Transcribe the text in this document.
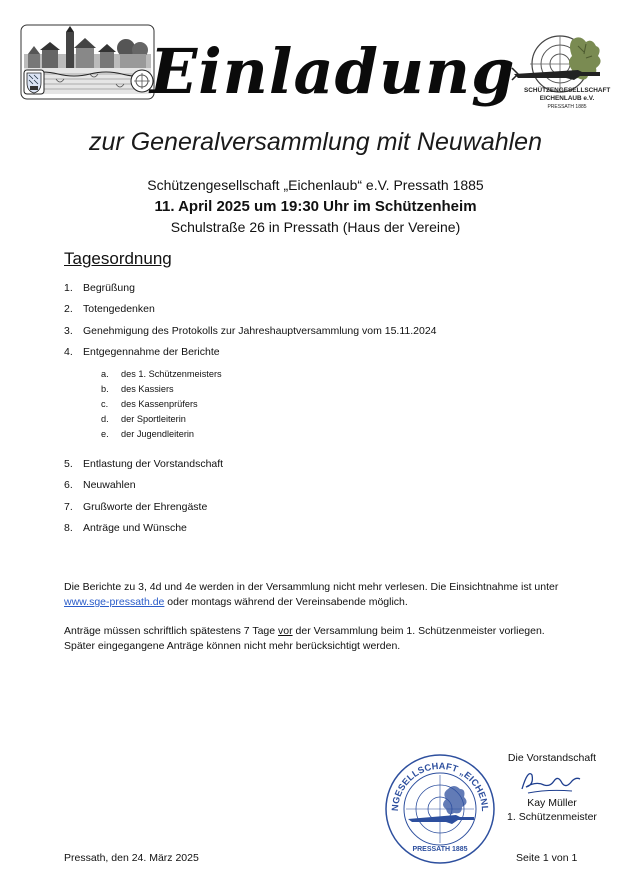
Einladung SCHÜTZENGESELLSCHAFT
EICHENLAUB e.V.
PRESSATH 1885
zur Generalversammlung mit Neuwahlen
Schützengesellschaft „Eichenlaub“ e.V. Pressath 1885
11. April 2025 um 19:30 Uhr im Schützenheim
Schulstraße 26 in Pressath (Haus der Vereine)
Tagesordnung
1. Begrüßung
2. Totengedenken
3. Genehmigung des Protokolls zur Jahreshauptversammlung vom 15.11.2024
4. Entgegennahme der Berichte
a. des 1. Schützenmeisters
b. des Kassiers
c. des Kassenprüfers
d. der Sportleiterin
e. der Jugendleiterin
5. Entlastung der Vorstandschaft
6. Neuwahlen
7. Grußworte der Ehrengäste
8. Anträge und Wünsche
Die Berichte zu 3, 4d und 4e werden in der Versammlung nicht mehr verlesen. Die Einsichtnahme ist unter
www.sge-pressath.de oder montags während der Vereinsabende möglich.
Anträge müssen schriftlich spätestens 7 Tage vor der Versammlung beim 1. Schützenmeister vorliegen.
Später eingegangene Anträge können nicht mehr berücksichtigt werden.
NGESELLSCHAFT „EICHENL
PRESSATH 1885
Die Vorstandschaft
Kay Müller
1. Schützenmeister
Pressath, den 24. März 2025	Seite 1 von 1
